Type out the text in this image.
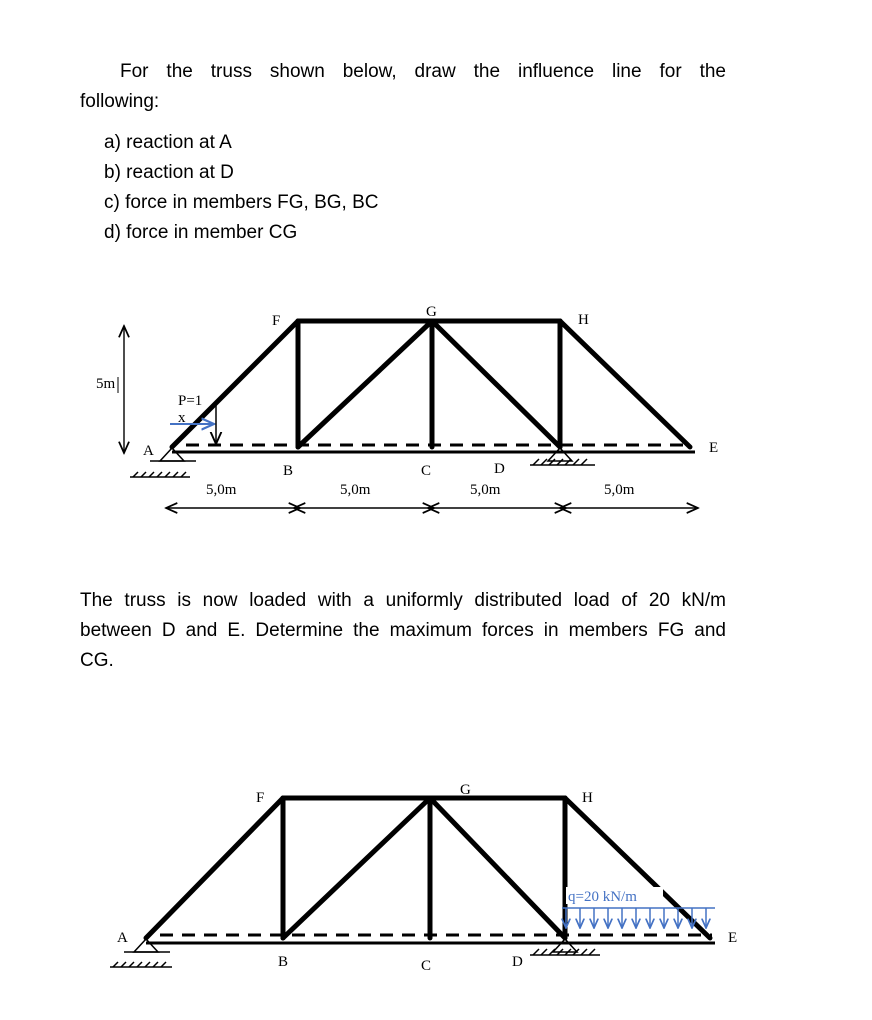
For the truss shown below, draw the influence line for the
following:
a) reaction at A
b) reaction at D
c) force in members FG, BG, BC
d) force in member CG
The truss is now loaded with a uniformly distributed load of 20 kN/m
between D and E. Determine the maximum forces in members FG and
CG.
5m
P=1
x
F
G	H
A
B	C	D
E
5,0m	5,0m	5,0m	5,0m
q=20 kN/m
F	G	H
A
B	C	D
E
